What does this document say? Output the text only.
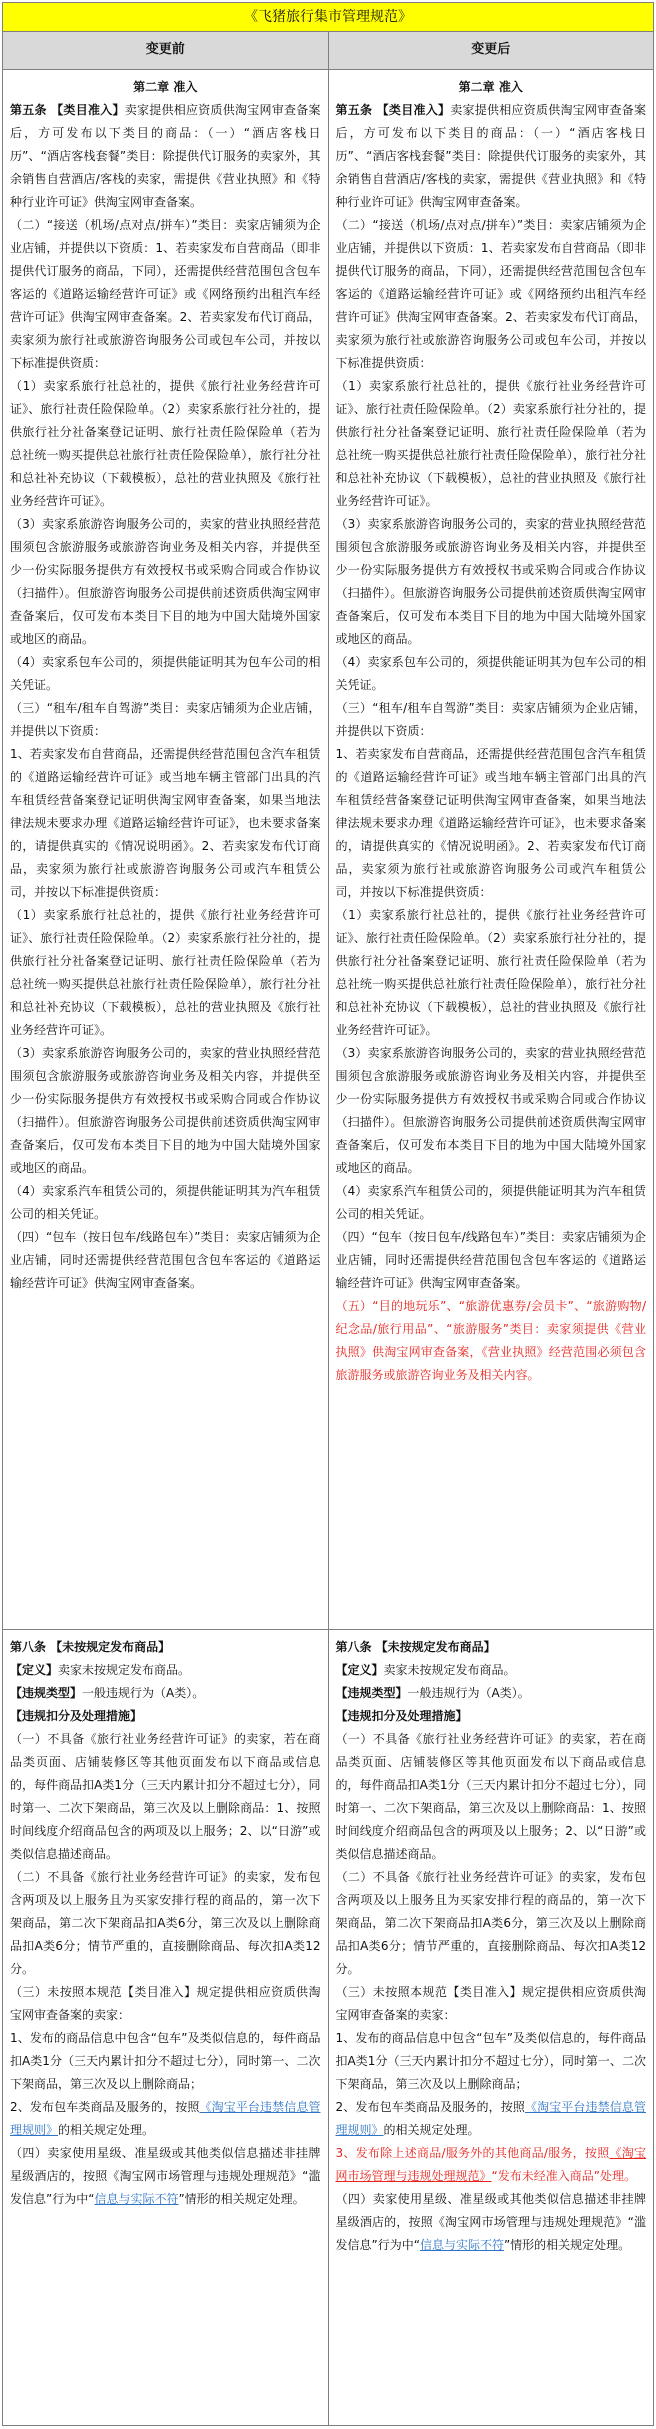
《飞猪旅行集市管理规范》
变更前	变更后

第二章 准入

第五条 【类目准入】卖家提供相应资质供淘宝网审查备案后，方可发布以下类目的商品：（一）“酒店客栈日历”、“酒店客栈套餐”类目：除提供代订服务的卖家外，其余销售自营酒店/客栈的卖家，需提供《营业执照》和《特种行业许可证》供淘宝网审查备案。

（二）“接送（机场/点对点/拼车）”类目：卖家店铺须为企业店铺，并提供以下资质：1、若卖家发布自营商品（即非提供代订服务的商品，下同），还需提供经营范围包含包车客运的《道路运输经营许可证》或《网络预约出租汽车经营许可证》供淘宝网审查备案。2、若卖家发布代订商品，卖家须为旅行社或旅游咨询服务公司或包车公司，并按以下标准提供资质：

（1）卖家系旅行社总社的，提供《旅行社业务经营许可证》、旅行社责任险保险单。（2）卖家系旅行社分社的，提供旅行社分社备案登记证明、旅行社责任险保险单（若为总社统一购买提供总社旅行社责任险保险单），旅行社分社和总社补充协议（下载模板），总社的营业执照及《旅行社业务经营许可证》。

（3）卖家系旅游咨询服务公司的，卖家的营业执照经营范围须包含旅游服务或旅游咨询业务及相关内容，并提供至少一份实际服务提供方有效授权书或采购合同或合作协议（扫描件）。但旅游咨询服务公司提供前述资质供淘宝网审查备案后，仅可发布本类目下目的地为中国大陆境外国家或地区的商品。

（4）卖家系包车公司的，须提供能证明其为包车公司的相关凭证。

（三）“租车/租车自驾游”类目：卖家店铺须为企业店铺，并提供以下资质：

1、若卖家发布自营商品，还需提供经营范围包含汽车租赁的《道路运输经营许可证》或当地车辆主管部门出具的汽车租赁经营备案登记证明供淘宝网审查备案，如果当地法律法规未要求办理《道路运输经营许可证》，也未要求备案的，请提供真实的《情况说明函》。2、若卖家发布代订商品，卖家须为旅行社或旅游咨询服务公司或汽车租赁公司，并按以下标准提供资质：

（1）卖家系旅行社总社的，提供《旅行社业务经营许可证》、旅行社责任险保险单。（2）卖家系旅行社分社的，提供旅行社分社备案登记证明、旅行社责任险保险单（若为总社统一购买提供总社旅行社责任险保险单），旅行社分社和总社补充协议（下载模板），总社的营业执照及《旅行社业务经营许可证》。

（3）卖家系旅游咨询服务公司的，卖家的营业执照经营范围须包含旅游服务或旅游咨询业务及相关内容，并提供至少一份实际服务提供方有效授权书或采购合同或合作协议（扫描件）。但旅游咨询服务公司提供前述资质供淘宝网审查备案后，仅可发布本类目下目的地为中国大陆境外国家或地区的商品。

（4）卖家系汽车租赁公司的，须提供能证明其为汽车租赁公司的相关凭证。

（四）“包车（按日包车/线路包车）”类目：卖家店铺须为企业店铺，同时还需提供经营范围包含包车客运的《道路运输经营许可证》供淘宝网审查备案。

第二章 准入

第五条 【类目准入】卖家提供相应资质供淘宝网审查备案后，方可发布以下类目的商品：（一）“酒店客栈日历”、“酒店客栈套餐”类目：除提供代订服务的卖家外，其余销售自营酒店/客栈的卖家，需提供《营业执照》和《特种行业许可证》供淘宝网审查备案。

（二）“接送（机场/点对点/拼车）”类目：卖家店铺须为企业店铺，并提供以下资质：1、若卖家发布自营商品（即非提供代订服务的商品，下同），还需提供经营范围包含包车客运的《道路运输经营许可证》或《网络预约出租汽车经营许可证》供淘宝网审查备案。2、若卖家发布代订商品，卖家须为旅行社或旅游咨询服务公司或包车公司，并按以下标准提供资质：

（1）卖家系旅行社总社的，提供《旅行社业务经营许可证》、旅行社责任险保险单。（2）卖家系旅行社分社的，提供旅行社分社备案登记证明、旅行社责任险保险单（若为总社统一购买提供总社旅行社责任险保险单），旅行社分社和总社补充协议（下载模板），总社的营业执照及《旅行社业务经营许可证》。

（3）卖家系旅游咨询服务公司的，卖家的营业执照经营范围须包含旅游服务或旅游咨询业务及相关内容，并提供至少一份实际服务提供方有效授权书或采购合同或合作协议（扫描件）。但旅游咨询服务公司提供前述资质供淘宝网审查备案后，仅可发布本类目下目的地为中国大陆境外国家或地区的商品。

（4）卖家系包车公司的，须提供能证明其为包车公司的相关凭证。

（三）“租车/租车自驾游”类目：卖家店铺须为企业店铺，并提供以下资质：

1、若卖家发布自营商品，还需提供经营范围包含汽车租赁的《道路运输经营许可证》或当地车辆主管部门出具的汽车租赁经营备案登记证明供淘宝网审查备案，如果当地法律法规未要求办理《道路运输经营许可证》，也未要求备案的，请提供真实的《情况说明函》。2、若卖家发布代订商品，卖家须为旅行社或旅游咨询服务公司或汽车租赁公司，并按以下标准提供资质：

（1）卖家系旅行社总社的，提供《旅行社业务经营许可证》、旅行社责任险保险单。（2）卖家系旅行社分社的，提供旅行社分社备案登记证明、旅行社责任险保险单（若为总社统一购买提供总社旅行社责任险保险单），旅行社分社和总社补充协议（下载模板），总社的营业执照及《旅行社业务经营许可证》。

（3）卖家系旅游咨询服务公司的，卖家的营业执照经营范围须包含旅游服务或旅游咨询业务及相关内容，并提供至少一份实际服务提供方有效授权书或采购合同或合作协议（扫描件）。但旅游咨询服务公司提供前述资质供淘宝网审查备案后，仅可发布本类目下目的地为中国大陆境外国家或地区的商品。

（4）卖家系汽车租赁公司的，须提供能证明其为汽车租赁公司的相关凭证。

（四）“包车（按日包车/线路包车）”类目：卖家店铺须为企业店铺，同时还需提供经营范围包含包车客运的《道路运输经营许可证》供淘宝网审查备案。

（五）“目的地玩乐”、“旅游优惠券/会员卡”、“旅游购物/纪念品/旅行用品”、“旅游服务”类目：卖家须提供《营业执照》供淘宝网审查备案，《营业执照》经营范围必须包含旅游服务或旅游咨询业务及相关内容。

第八条 【未按规定发布商品】

【定义】卖家未按规定发布商品。

【违规类型】一般违规行为（A类）。

【违规扣分及处理措施】

（一）不具备《旅行社业务经营许可证》的卖家，若在商品类页面、店铺装修区等其他页面发布以下商品或信息的，每件商品扣A类1分（三天内累计扣分不超过七分），同时第一、二次下架商品，第三次及以上删除商品：1、按照时间线度介绍商品包含的两项及以上服务；2、以“日游”或类似信息描述商品。

（二）不具备《旅行社业务经营许可证》的卖家，发布包含两项及以上服务且为买家安排行程的商品的，第一次下架商品，第二次下架商品扣A类6分，第三次及以上删除商品扣A类6分；情节严重的，直接删除商品、每次扣A类12分。

（三）未按照本规范【类目准入】规定提供相应资质供淘宝网审查备案的卖家：

1、发布的商品信息中包含“包车”及类似信息的，每件商品扣A类1分（三天内累计扣分不超过七分），同时第一、二次下架商品，第三次及以上删除商品；

2、发布包车类商品及服务的，按照《淘宝平台违禁信息管理规则》的相关规定处理。

（四）卖家使用星级、准星级或其他类似信息描述非挂牌星级酒店的，按照《淘宝网市场管理与违规处理规范》“滥发信息”行为中“信息与实际不符”情形的相关规定处理。

第八条 【未按规定发布商品】

【定义】卖家未按规定发布商品。

【违规类型】一般违规行为（A类）。

【违规扣分及处理措施】

（一）不具备《旅行社业务经营许可证》的卖家，若在商品类页面、店铺装修区等其他页面发布以下商品或信息的，每件商品扣A类1分（三天内累计扣分不超过七分），同时第一、二次下架商品，第三次及以上删除商品：1、按照时间线度介绍商品包含的两项及以上服务；2、以“日游”或类似信息描述商品。

（二）不具备《旅行社业务经营许可证》的卖家，发布包含两项及以上服务且为买家安排行程的商品的，第一次下架商品，第二次下架商品扣A类6分，第三次及以上删除商品扣A类6分；情节严重的，直接删除商品、每次扣A类12分。

（三）未按照本规范【类目准入】规定提供相应资质供淘宝网审查备案的卖家：

1、发布的商品信息中包含“包车”及类似信息的，每件商品扣A类1分（三天内累计扣分不超过七分），同时第一、二次下架商品，第三次及以上删除商品；

2、发布包车类商品及服务的，按照《淘宝平台违禁信息管理规则》的相关规定处理。

3、发布除上述商品/服务外的其他商品/服务，按照《淘宝网市场管理与违规处理规范》“发布未经准入商品”处理。

（四）卖家使用星级、准星级或其他类似信息描述非挂牌星级酒店的，按照《淘宝网市场管理与违规处理规范》“滥发信息”行为中“信息与实际不符”情形的相关规定处理。
